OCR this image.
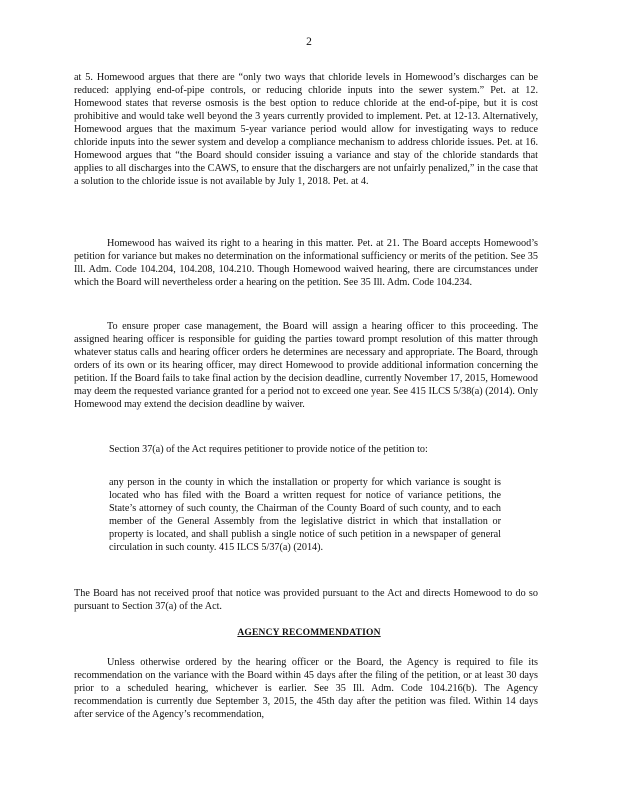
2

at 5. Homewood argues that there are “only two ways that chloride levels in Homewood’s discharges can be reduced: applying end-of-pipe controls, or reducing chloride inputs into the sewer system.” Pet. at 12. Homewood states that reverse osmosis is the best option to reduce chloride at the end-of-pipe, but it is cost prohibitive and would take well beyond the 3 years currently provided to implement. Pet. at 12-13. Alternatively, Homewood argues that the maximum 5-year variance period would allow for investigating ways to reduce chloride inputs into the sewer system and develop a compliance mechanism to address chloride issues. Pet. at 16. Homewood argues that “the Board should consider issuing a variance and stay of the chloride standards that applies to all discharges into the CAWS, to ensure that the dischargers are not unfairly penalized,” in the case that a solution to the chloride issue is not available by July 1, 2018. Pet. at 4.

Homewood has waived its right to a hearing in this matter. Pet. at 21. The Board accepts Homewood’s petition for variance but makes no determination on the informational sufficiency or merits of the petition. See 35 Ill. Adm. Code 104.204, 104.208, 104.210. Though Homewood waived hearing, there are circumstances under which the Board will nevertheless order a hearing on the petition. See 35 Ill. Adm. Code 104.234.

To ensure proper case management, the Board will assign a hearing officer to this proceeding. The assigned hearing officer is responsible for guiding the parties toward prompt resolution of this matter through whatever status calls and hearing officer orders he determines are necessary and appropriate. The Board, through orders of its own or its hearing officer, may direct Homewood to provide additional information concerning the petition. If the Board fails to take final action by the decision deadline, currently November 17, 2015, Homewood may deem the requested variance granted for a period not to exceed one year. See 415 ILCS 5/38(a) (2014). Only Homewood may extend the decision deadline by waiver.

Section 37(a) of the Act requires petitioner to provide notice of the petition to:

any person in the county in which the installation or property for which variance is sought is located who has filed with the Board a written request for notice of variance petitions, the State’s attorney of such county, the Chairman of the County Board of such county, and to each member of the General Assembly from the legislative district in which that installation or property is located, and shall publish a single notice of such petition in a newspaper of general circulation in such county. 415 ILCS 5/37(a) (2014).

The Board has not received proof that notice was provided pursuant to the Act and directs Homewood to do so pursuant to Section 37(a) of the Act.

AGENCY RECOMMENDATION

Unless otherwise ordered by the hearing officer or the Board, the Agency is required to file its recommendation on the variance with the Board within 45 days after the filing of the petition, or at least 30 days prior to a scheduled hearing, whichever is earlier. See 35 Ill. Adm. Code 104.216(b). The Agency recommendation is currently due September 3, 2015, the 45th day after the petition was filed. Within 14 days after service of the Agency’s recommendation,
